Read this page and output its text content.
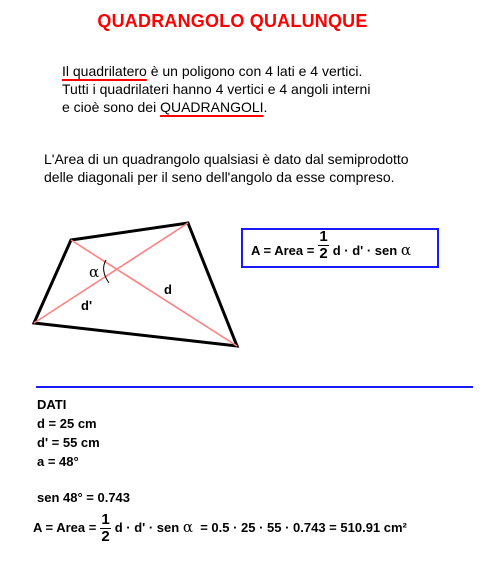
QUADRANGOLO QUALUNQUE
Il quadrilatero è un poligono con 4 lati e 4 vertici.
Tutti i quadrilateri hanno 4 vertici e 4 angoli interni
e cioè sono dei QUADRANGOLI.
L'Area di un quadrangolo qualsiasi è dato dal semiprodotto
delle diagonali per il seno dell'angolo da esse compreso.
α
d
d'
A = Area = $\frac{1}{2}$ d · d' · sen α
DATI
d = 25 cm
d' = 55 cm
a = 48°
sen 48° = 0.743
A = Area = $\frac{1}{2}$ d · d' · sen α = 0.5 · 25 · 55 · 0.743 = 510.91 cm²
